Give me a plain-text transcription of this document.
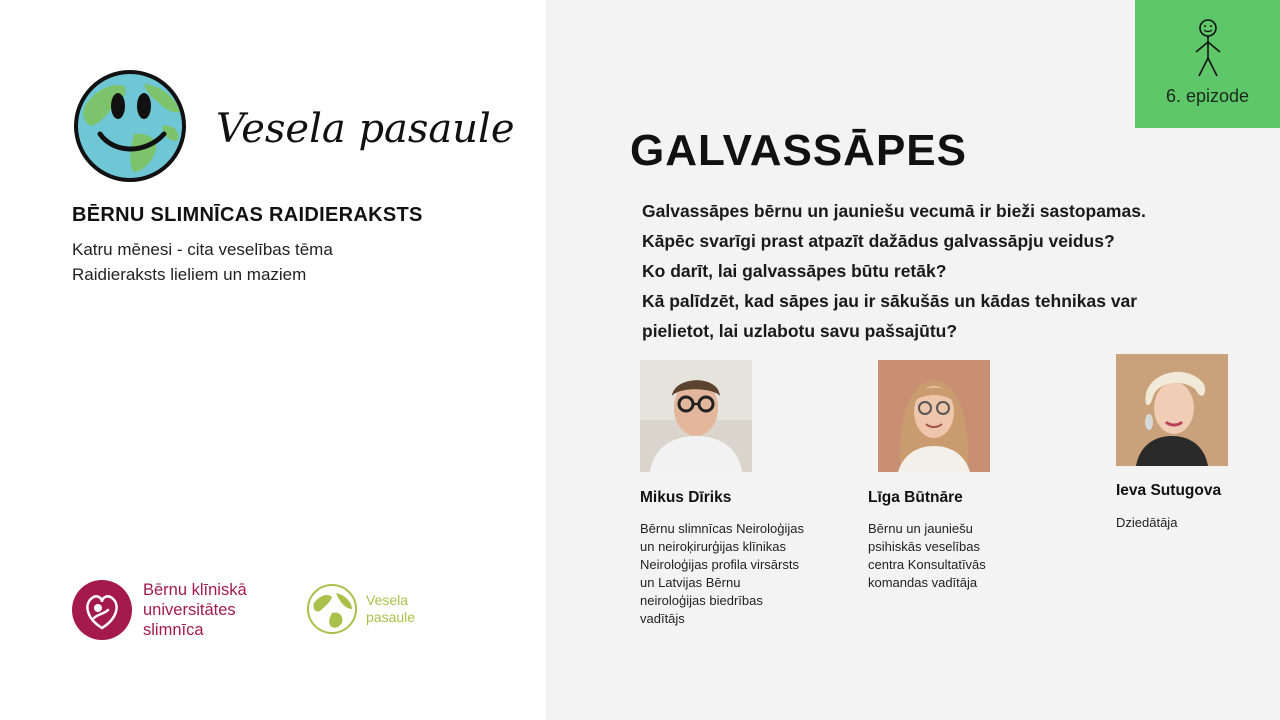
Vesela pasaule
BĒRNU SLIMNĪCAS RAIDIERAKSTS
Katru mēnesi - cita veselības tēma
Raidieraksts lieliem un maziem
Bērnu klīniskā
universitātes
slimnīca
Vesela
pasaule
6. epizode
GALVASSĀPES

Galvassāpes bērnu un jauniešu vecumā ir bieži sastopamas.

Kāpēc svarīgi prast atpazīt dažādus galvassāpju veidus?

Ko darīt, lai galvassāpes būtu retāk?

Kā palīdzēt, kad sāpes jau ir sākušās un kādas tehnikas var

pielietot, lai uzlabotu savu pašsajūtu?

Mikus Dīriks
Bērnu slimnīcas Neiroloģijas
un neiroķirurģijas klīnikas
Neiroloģijas profila virsārsts
un Latvijas Bērnu
neiroloģijas biedrības
vadītājs
Līga Būtnāre
Bērnu un jauniešu
psihiskās veselības
centra Konsultatīvās
komandas vadītāja
Ieva Sutugova
Dziedātāja
